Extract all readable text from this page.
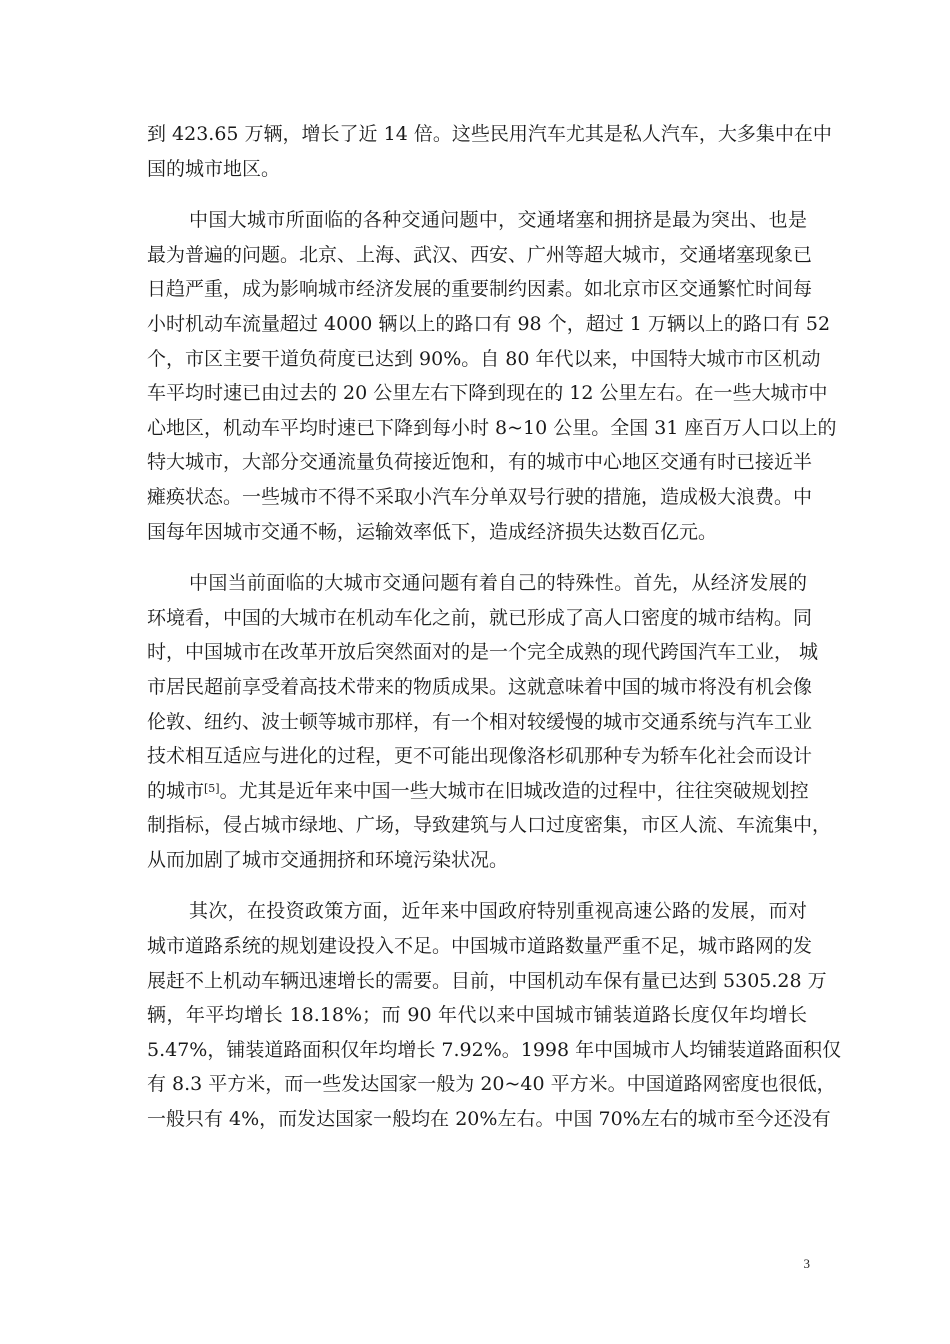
到 423.65 万辆，增长了近 14 倍。这些民用汽车尤其是私人汽车，大多集中在中
国的城市地区。
中国大城市所面临的各种交通问题中，交通堵塞和拥挤是最为突出、也是
最为普遍的问题。北京、上海、武汉、西安、广州等超大城市，交通堵塞现象已
日趋严重，成为影响城市经济发展的重要制约因素。如北京市区交通繁忙时间每
小时机动车流量超过 4000 辆以上的路口有 98 个，超过 1 万辆以上的路口有 52
个，市区主要干道负荷度已达到 90%。自 80 年代以来，中国特大城市市区机动
车平均时速已由过去的 20 公里左右下降到现在的 12 公里左右。在一些大城市中
心地区，机动车平均时速已下降到每小时 8~10 公里。全国 31 座百万人口以上的
特大城市，大部分交通流量负荷接近饱和，有的城市中心地区交通有时已接近半
瘫痪状态。一些城市不得不采取小汽车分单双号行驶的措施，造成极大浪费。中
国每年因城市交通不畅，运输效率低下，造成经济损失达数百亿元。
中国当前面临的大城市交通问题有着自己的特殊性。首先，从经济发展的
环境看，中国的大城市在机动车化之前，就已形成了高人口密度的城市结构。同
时，中国城市在改革开放后突然面对的是一个完全成熟的现代跨国汽车工业， 城
市居民超前享受着高技术带来的物质成果。这就意味着中国的城市将没有机会像
伦敦、纽约、波士顿等城市那样，有一个相对较缓慢的城市交通系统与汽车工业
技术相互适应与进化的过程，更不可能出现像洛杉矶那种专为轿车化社会而设计
的城市[5]。尤其是近年来中国一些大城市在旧城改造的过程中，往往突破规划控
制指标，侵占城市绿地、广场，导致建筑与人口过度密集，市区人流、车流集中，
从而加剧了城市交通拥挤和环境污染状况。
其次，在投资政策方面，近年来中国政府特别重视高速公路的发展，而对
城市道路系统的规划建设投入不足。中国城市道路数量严重不足，城市路网的发
展赶不上机动车辆迅速增长的需要。目前，中国机动车保有量已达到 5305.28 万
辆，年平均增长 18.18%；而 90 年代以来中国城市铺装道路长度仅年均增长
5.47%，铺装道路面积仅年均增长 7.92%。1998 年中国城市人均铺装道路面积仅
有 8.3 平方米，而一些发达国家一般为 20~40 平方米。中国道路网密度也很低，
一般只有 4%，而发达国家一般均在 20%左右。中国 70%左右的城市至今还没有
3
